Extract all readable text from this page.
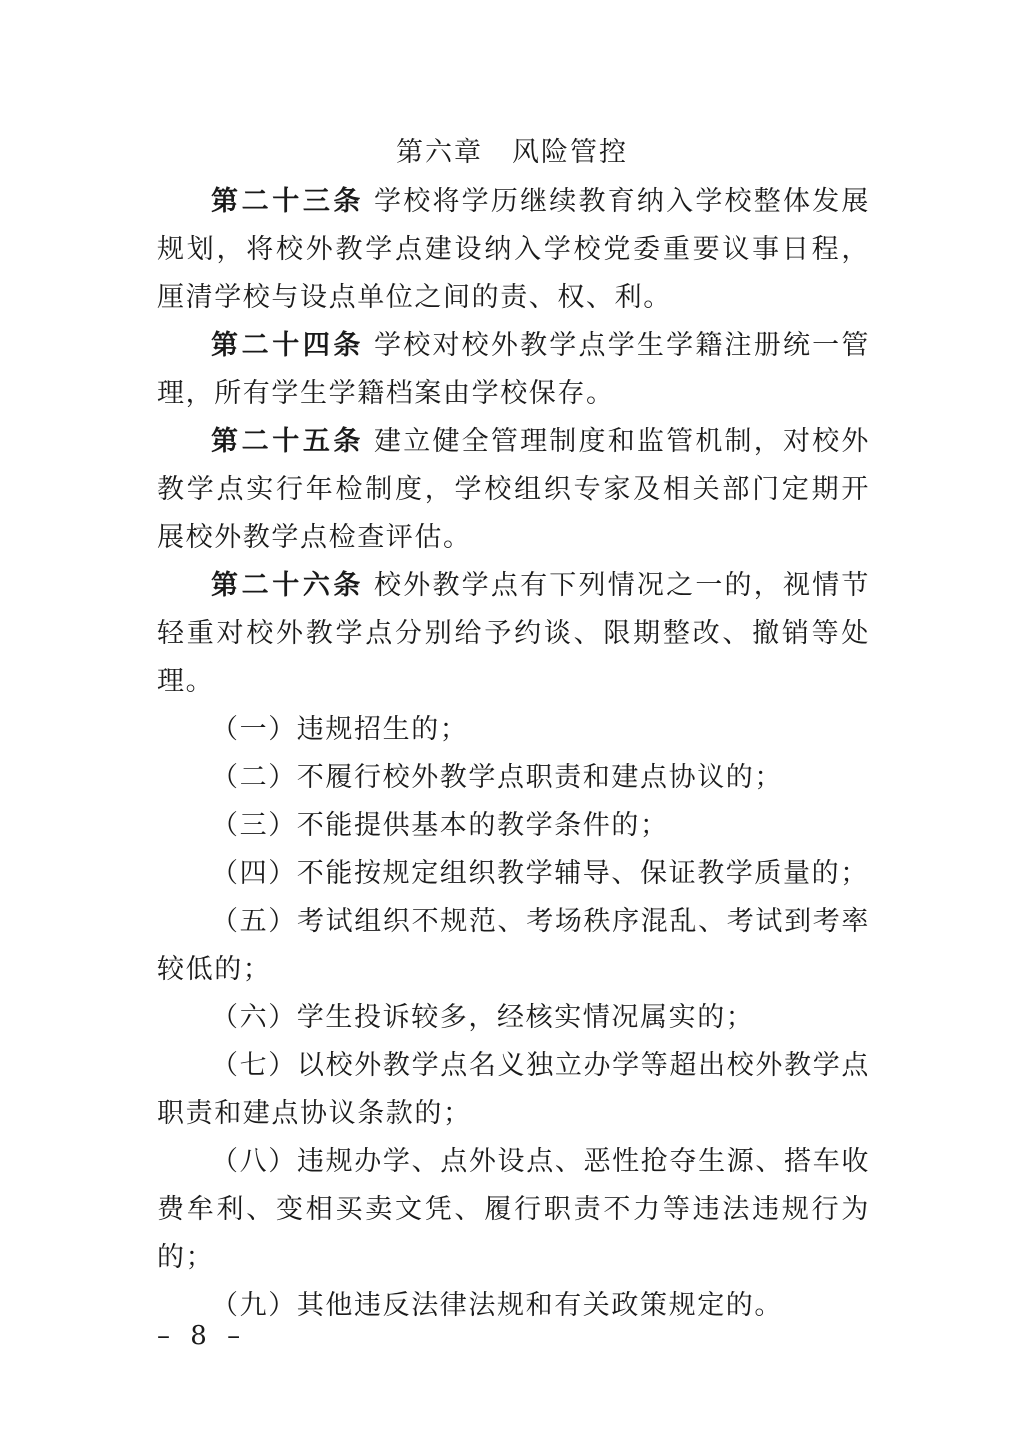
第六章　风险管控

第二十三条 学校将学历继续教育纳入学校整体发展规划，将校外教学点建设纳入学校党委重要议事日程，厘清学校与设点单位之间的责、权、利。

第二十四条 学校对校外教学点学生学籍注册统一管理，所有学生学籍档案由学校保存。

第二十五条 建立健全管理制度和监管机制，对校外教学点实行年检制度，学校组织专家及相关部门定期开展校外教学点检查评估。

第二十六条 校外教学点有下列情况之一的，视情节轻重对校外教学点分别给予约谈、限期整改、撤销等处理。

（一）违规招生的；

（二）不履行校外教学点职责和建点协议的；

（三）不能提供基本的教学条件的；

（四）不能按规定组织教学辅导、保证教学质量的；

（五）考试组织不规范、考场秩序混乱、考试到考率较低的；

（六）学生投诉较多，经核实情况属实的；

（七）以校外教学点名义独立办学等超出校外教学点职责和建点协议条款的；

（八）违规办学、点外设点、恶性抢夺生源、搭车收费牟利、变相买卖文凭、履行职责不力等违法违规行为的；

（九）其他违反法律法规和有关政策规定的。

– 8 –
